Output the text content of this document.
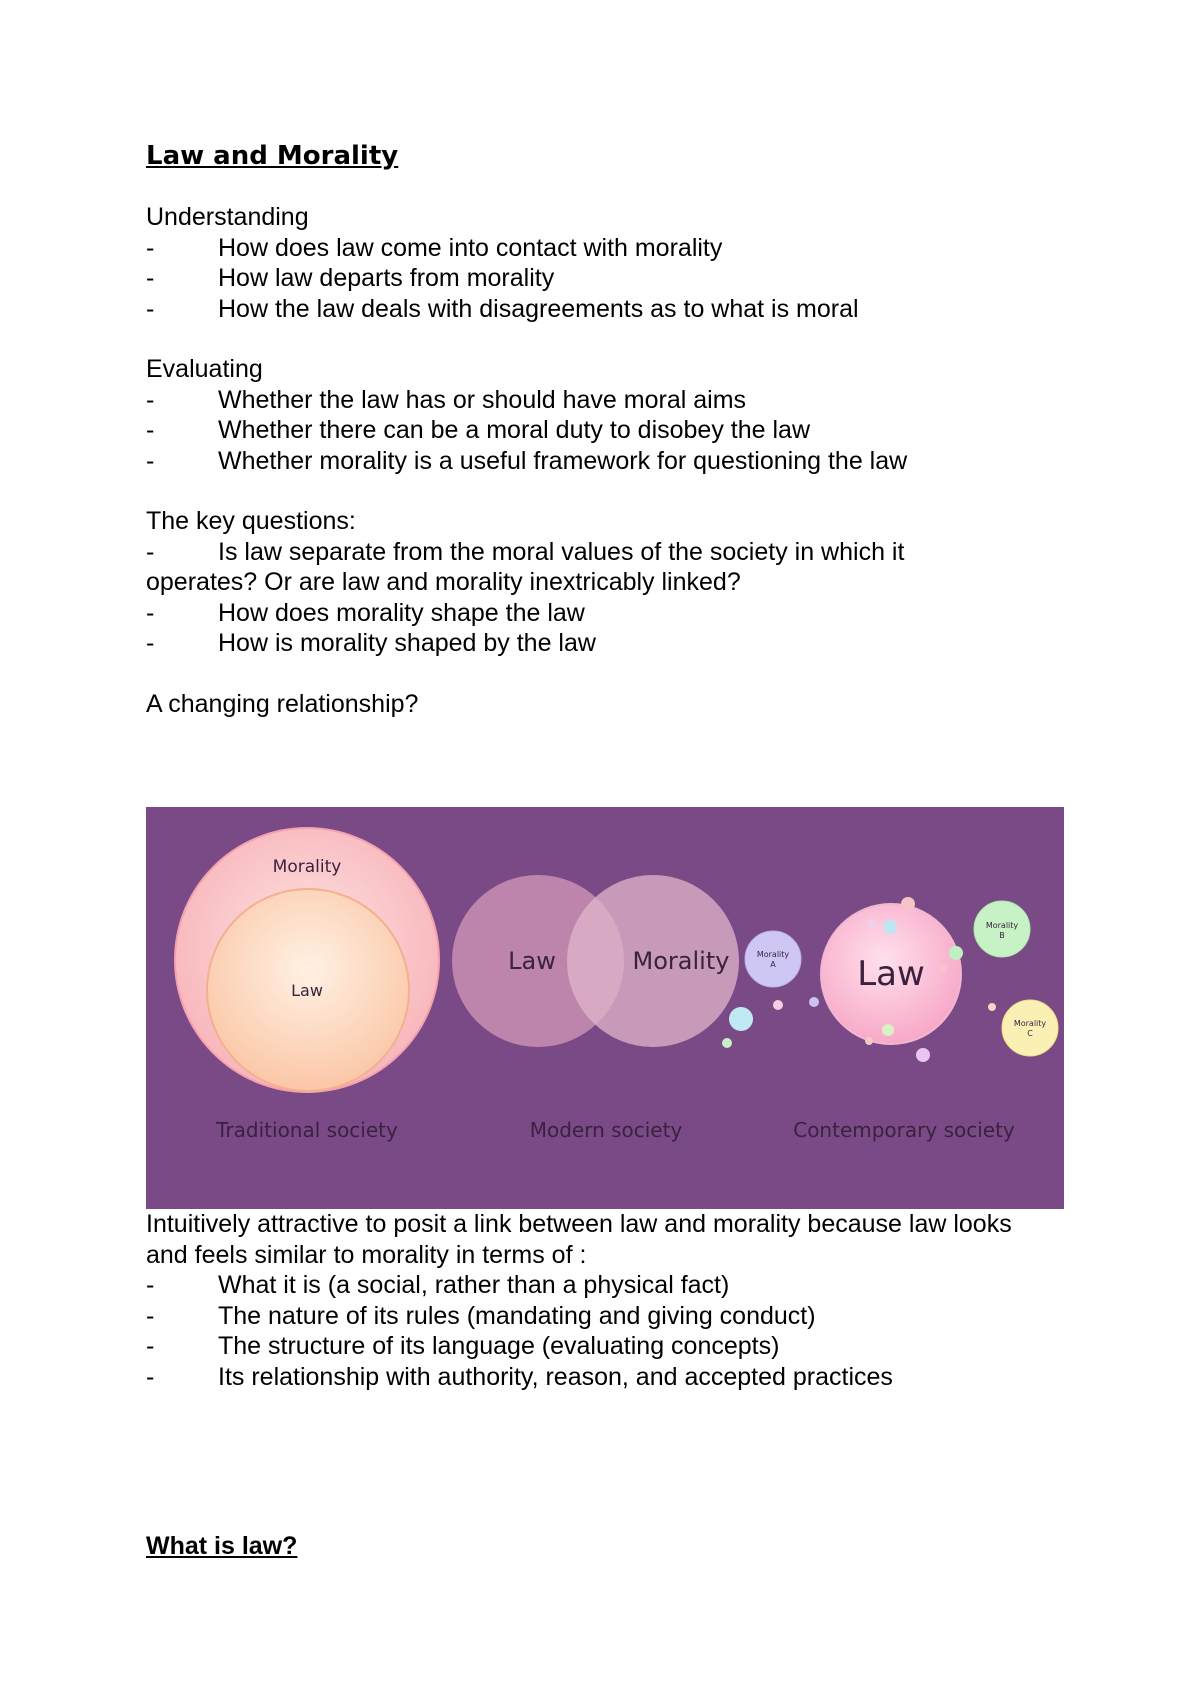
Law and Morality

Understanding

-	How does law come into contact with morality

-	How law departs from morality

-	How the law deals with disagreements as to what is moral

Evaluating

-	Whether the law has or should have moral aims

-	Whether there can be a moral duty to disobey the law

-	Whether morality is a useful framework for questioning the law

The key questions:

-	Is law separate from the moral values of the society in which it

operates? Or are law and morality inextricably linked?

-	How does morality shape the law

-	How is morality shaped by the law

A changing relationship?

Morality
Law
Traditional society
Law	Morality
Modern society
Law
Morality
A
Morality
B
Morality
C
Contemporary society

Intuitively attractive to posit a link between law and morality because law looks

and feels similar to morality in terms of :

-	What it is (a social, rather than a physical fact)

-	The nature of its rules (mandating and giving conduct)

-	The structure of its language (evaluating concepts)

-	Its relationship with authority, reason, and accepted practices

What is law?
